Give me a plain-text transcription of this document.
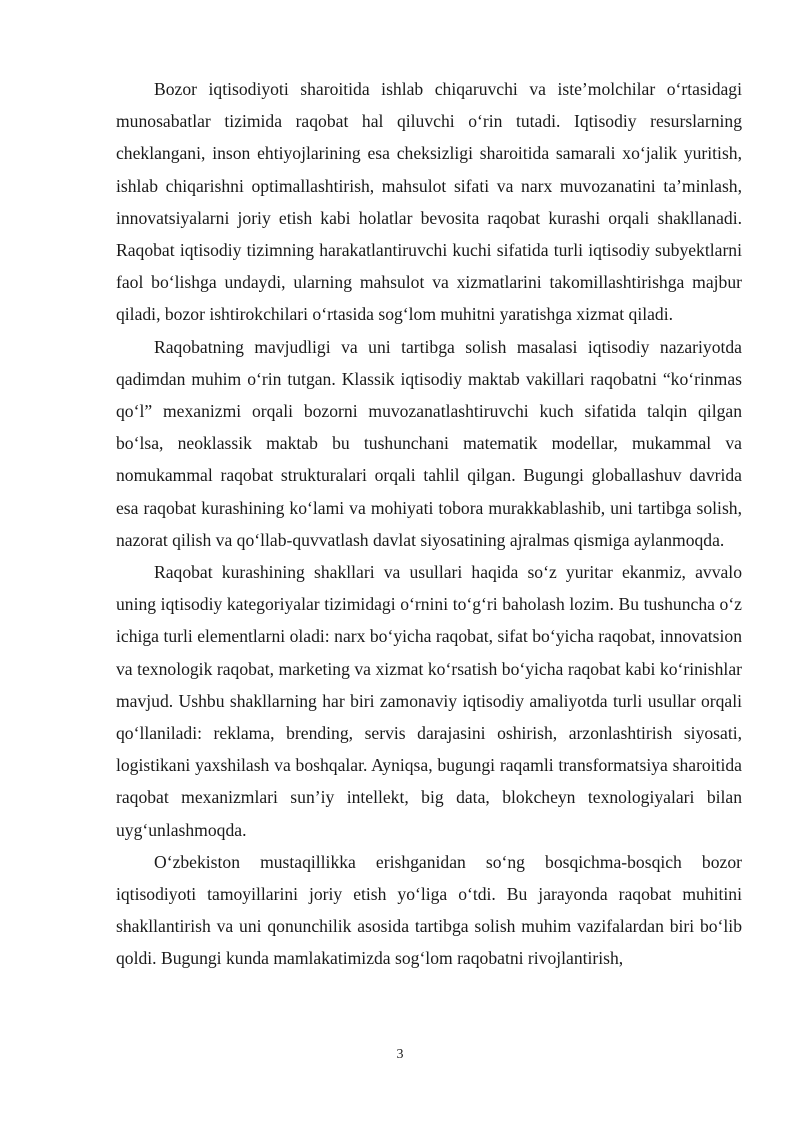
Bozor iqtisodiyoti sharoitida ishlab chiqaruvchi va iste’molchilar oʻrtasidagi munosabatlar tizimida raqobat hal qiluvchi oʻrin tutadi. Iqtisodiy resurslarning cheklangani, inson ehtiyojlarining esa cheksizligi sharoitida samarali xoʻjalik yuritish, ishlab chiqarishni optimallashtirish, mahsulot sifati va narx muvozanatini ta’minlash, innovatsiyalarni joriy etish kabi holatlar bevosita raqobat kurashi orqali shakllanadi. Raqobat iqtisodiy tizimning harakatlantiruvchi kuchi sifatida turli iqtisodiy subyektlarni faol boʻlishga undaydi, ularning mahsulot va xizmatlarini takomillashtirishga majbur qiladi, bozor ishtirokchilari oʻrtasida sogʻlom muhitni yaratishga xizmat qiladi.

Raqobatning mavjudligi va uni tartibga solish masalasi iqtisodiy nazariyotda qadimdan muhim oʻrin tutgan. Klassik iqtisodiy maktab vakillari raqobatni “koʻrinmas qoʻl” mexanizmi orqali bozorni muvozanatlashtiruvchi kuch sifatida talqin qilgan boʻlsa, neoklassik maktab bu tushunchani matematik modellar, mukammal va nomukammal raqobat strukturalari orqali tahlil qilgan. Bugungi globallashuv davrida esa raqobat kurashining koʻlami va mohiyati tobora murakkablashib, uni tartibga solish, nazorat qilish va qoʻllab-quvvatlash davlat siyosatining ajralmas qismiga aylanmoqda.

Raqobat kurashining shakllari va usullari haqida soʻz yuritar ekanmiz, avvalo uning iqtisodiy kategoriyalar tizimidagi oʻrnini toʻgʻri baholash lozim. Bu tushuncha oʻz ichiga turli elementlarni oladi: narx boʻyicha raqobat, sifat boʻyicha raqobat, innovatsion va texnologik raqobat, marketing va xizmat koʻrsatish boʻyicha raqobat kabi koʻrinishlar mavjud. Ushbu shakllarning har biri zamonaviy iqtisodiy amaliyotda turli usullar orqali qoʻllaniladi: reklama, brending, servis darajasini oshirish, arzonlashtirish siyosati, logistikani yaxshilash va boshqalar. Ayniqsa, bugungi raqamli transformatsiya sharoitida raqobat mexanizmlari sun’iy intellekt, big data, blokcheyn texnologiyalari bilan uygʻunlashmoqda.

Oʻzbekiston mustaqillikka erishganidan soʻng bosqichma-bosqich bozor iqtisodiyoti tamoyillarini joriy etish yoʻliga oʻtdi. Bu jarayonda raqobat muhitini shakllantirish va uni qonunchilik asosida tartibga solish muhim vazifalardan biri boʻlib qoldi. Bugungi kunda mamlakatimizda sogʻlom raqobatni rivojlantirish,

3
